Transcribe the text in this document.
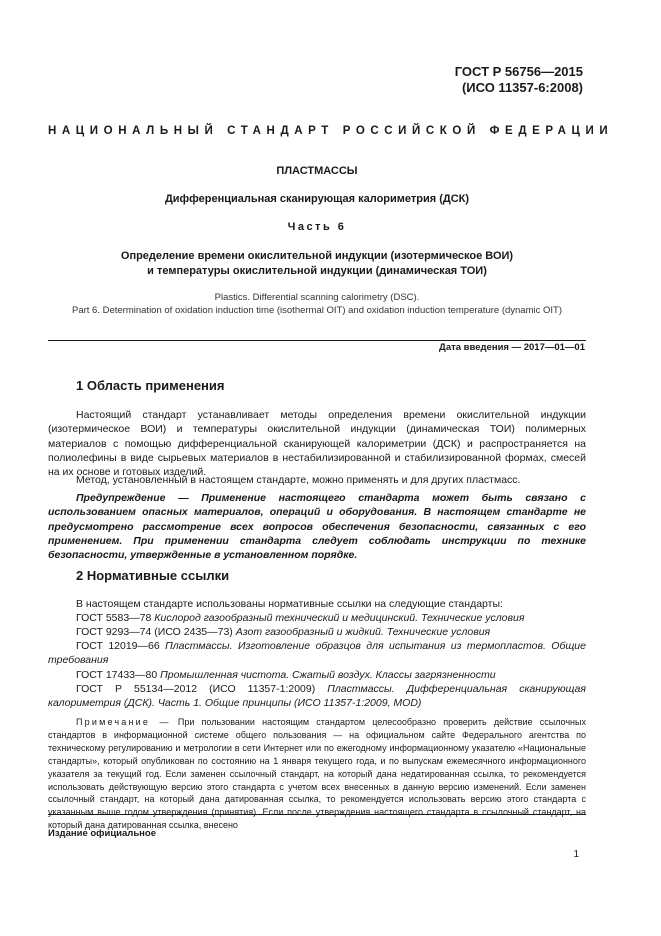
ГОСТ Р 56756—2015
(ИСО 11357-6:2008)
НАЦИОНАЛЬНЫЙ СТАНДАРТ РОССИЙСКОЙ ФЕДЕРАЦИИ
ПЛАСТМАССЫ
Дифференциальная сканирующая калориметрия (ДСК)
Часть 6
Определение времени окислительной индукции (изотермическое ВОИ)
и температуры окислительной индукции (динамическая ТОИ)
Plastics. Differential scanning calorimetry (DSC).
Part 6. Determination of oxidation induction time (isothermal OIT) and oxidation induction temperature (dynamic OIT)
Дата введения — 2017—01—01
1 Область применения
Настоящий стандарт устанавливает методы определения времени окислительной индукции (изотермическое ВОИ) и температуры окислительной индукции (динамическая ТОИ) полимерных материалов с помощью дифференциальной сканирующей калориметрии (ДСК) и распространяется на полиолефины в виде сырьевых материалов в нестабилизированной и стабилизированной формах, смесей на их основе и готовых изделий.
Метод, установленный в настоящем стандарте, можно применять и для других пластмасс.
Предупреждение — Применение настоящего стандарта может быть связано с использованием опасных материалов, операций и оборудования. В настоящем стандарте не предусмотрено рассмотрение всех вопросов обеспечения безопасности, связанных с его применением. При применении стандарта следует соблюдать инструкции по технике безопасности, утвержденные в установленном порядке.
2 Нормативные ссылки
В настоящем стандарте использованы нормативные ссылки на следующие стандарты:
ГОСТ 5583—78 Кислород газообразный технический и медицинский. Технические условия
ГОСТ 9293—74 (ИСО 2435—73) Азот газообразный и жидкий. Технические условия
ГОСТ 12019—66 Пластмассы. Изготовление образцов для испытания из термопластов. Общие требования
ГОСТ 17433—80 Промышленная чистота. Сжатый воздух. Классы загрязненности
ГОСТ Р 55134—2012 (ИСО 11357-1:2009) Пластмассы. Дифференциальная сканирующая калориметрия (ДСК). Часть 1. Общие принципы (ИСО 11357-1:2009, MOD)
Примечание — При пользовании настоящим стандартом целесообразно проверить действие ссылочных стандартов в информационной системе общего пользования — на официальном сайте Федерального агентства по техническому регулированию и метрологии в сети Интернет или по ежегодному информационному указателю «Национальные стандарты», который опубликован по состоянию на 1 января текущего года, и по выпускам ежемесячного информационного указателя за текущий год. Если заменен ссылочный стандарт, на который дана недатированная ссылка, то рекомендуется использовать действующую версию этого стандарта с учетом всех внесенных в данную версию изменений. Если заменен ссылочный стандарт, на который дана датированная ссылка, то рекомендуется использовать версию этого стандарта с указанным выше годом утверждения (принятия). Если после утверждения настоящего стандарта в ссылочный стандарт, на который дана датированная ссылка, внесено
Издание официальное
1
